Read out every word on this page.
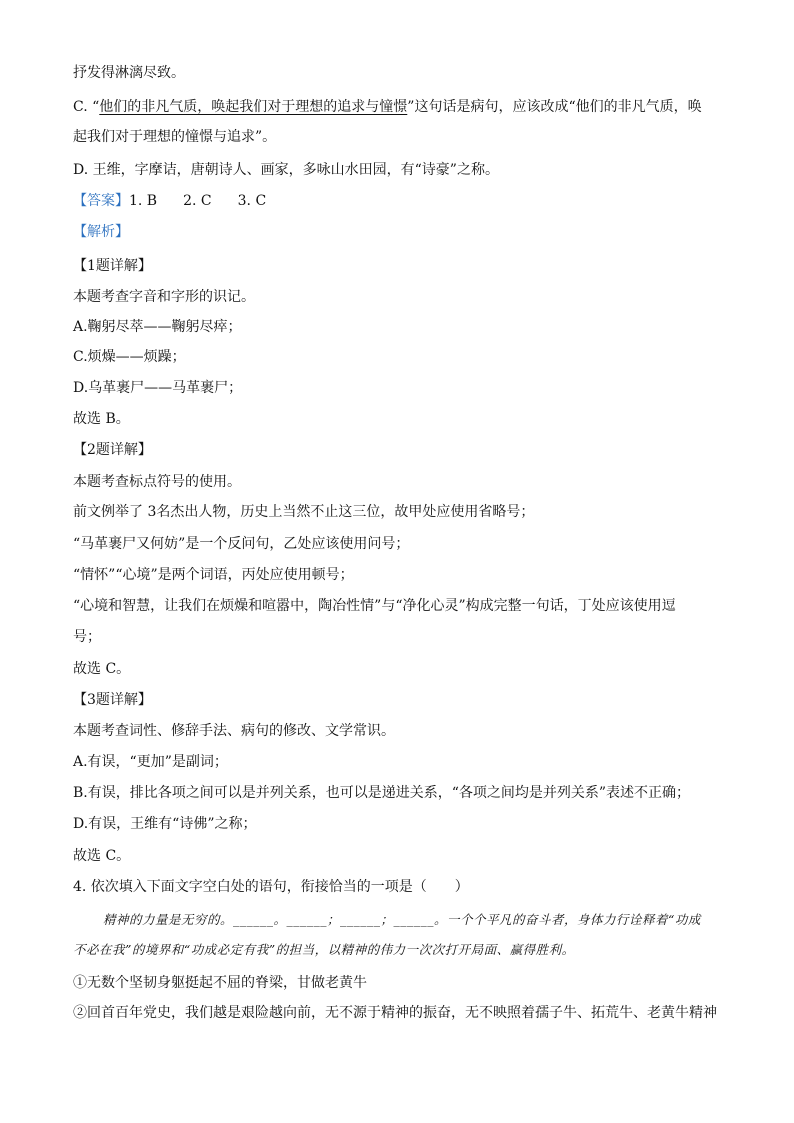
抒发得淋漓尽致。
C. “他们的非凡气质，唤起我们对于理想的追求与憧憬”这句话是病句，应该改成“他们的非凡气质，唤
起我们对于理想的憧憬与追求”。
D. 王维，字摩诘，唐朝诗人、画家，多咏山水田园，有“诗豪”之称。
【答案】1. B 2. C 3. C
【解析】
【1题详解】
本题考查字音和字形的识记。
A.鞠躬尽萃——鞠躬尽瘁；
C.烦燥——烦躁；
D.乌革裹尸——马革裹尸；
故选 B。
【2题详解】
本题考查标点符号的使用。
前文例举了 3名杰出人物，历史上当然不止这三位，故甲处应使用省略号；
“马革裹尸又何妨”是一个反问句，乙处应该使用问号；
“情怀”“心境”是两个词语，丙处应使用顿号；
“心境和智慧，让我们在烦燥和喧嚣中，陶冶性情”与“净化心灵”构成完整一句话，丁处应该使用逗
号；
故选 C。
【3题详解】
本题考查词性、修辞手法、病句的修改、文学常识。
A.有误，“更加”是副词；
B.有误，排比各项之间可以是并列关系，也可以是递进关系，“各项之间均是并列关系”表述不正确；
D.有误，王维有“诗佛”之称；
故选 C。
4. 依次填入下面文字空白处的语句，衔接恰当的一项是（　　）
精神的力量是无穷的。______。______；______；______。一个个平凡的奋斗者，身体力行诠释着“功成
不必在我”的境界和“功成必定有我”的担当，以精神的伟力一次次打开局面、赢得胜利。
①无数个坚韧身躯挺起不屈的脊梁，甘做老黄牛
②回首百年党史，我们越是艰险越向前，无不源于精神的振奋，无不映照着孺子牛、拓荒牛、老黄牛精神
